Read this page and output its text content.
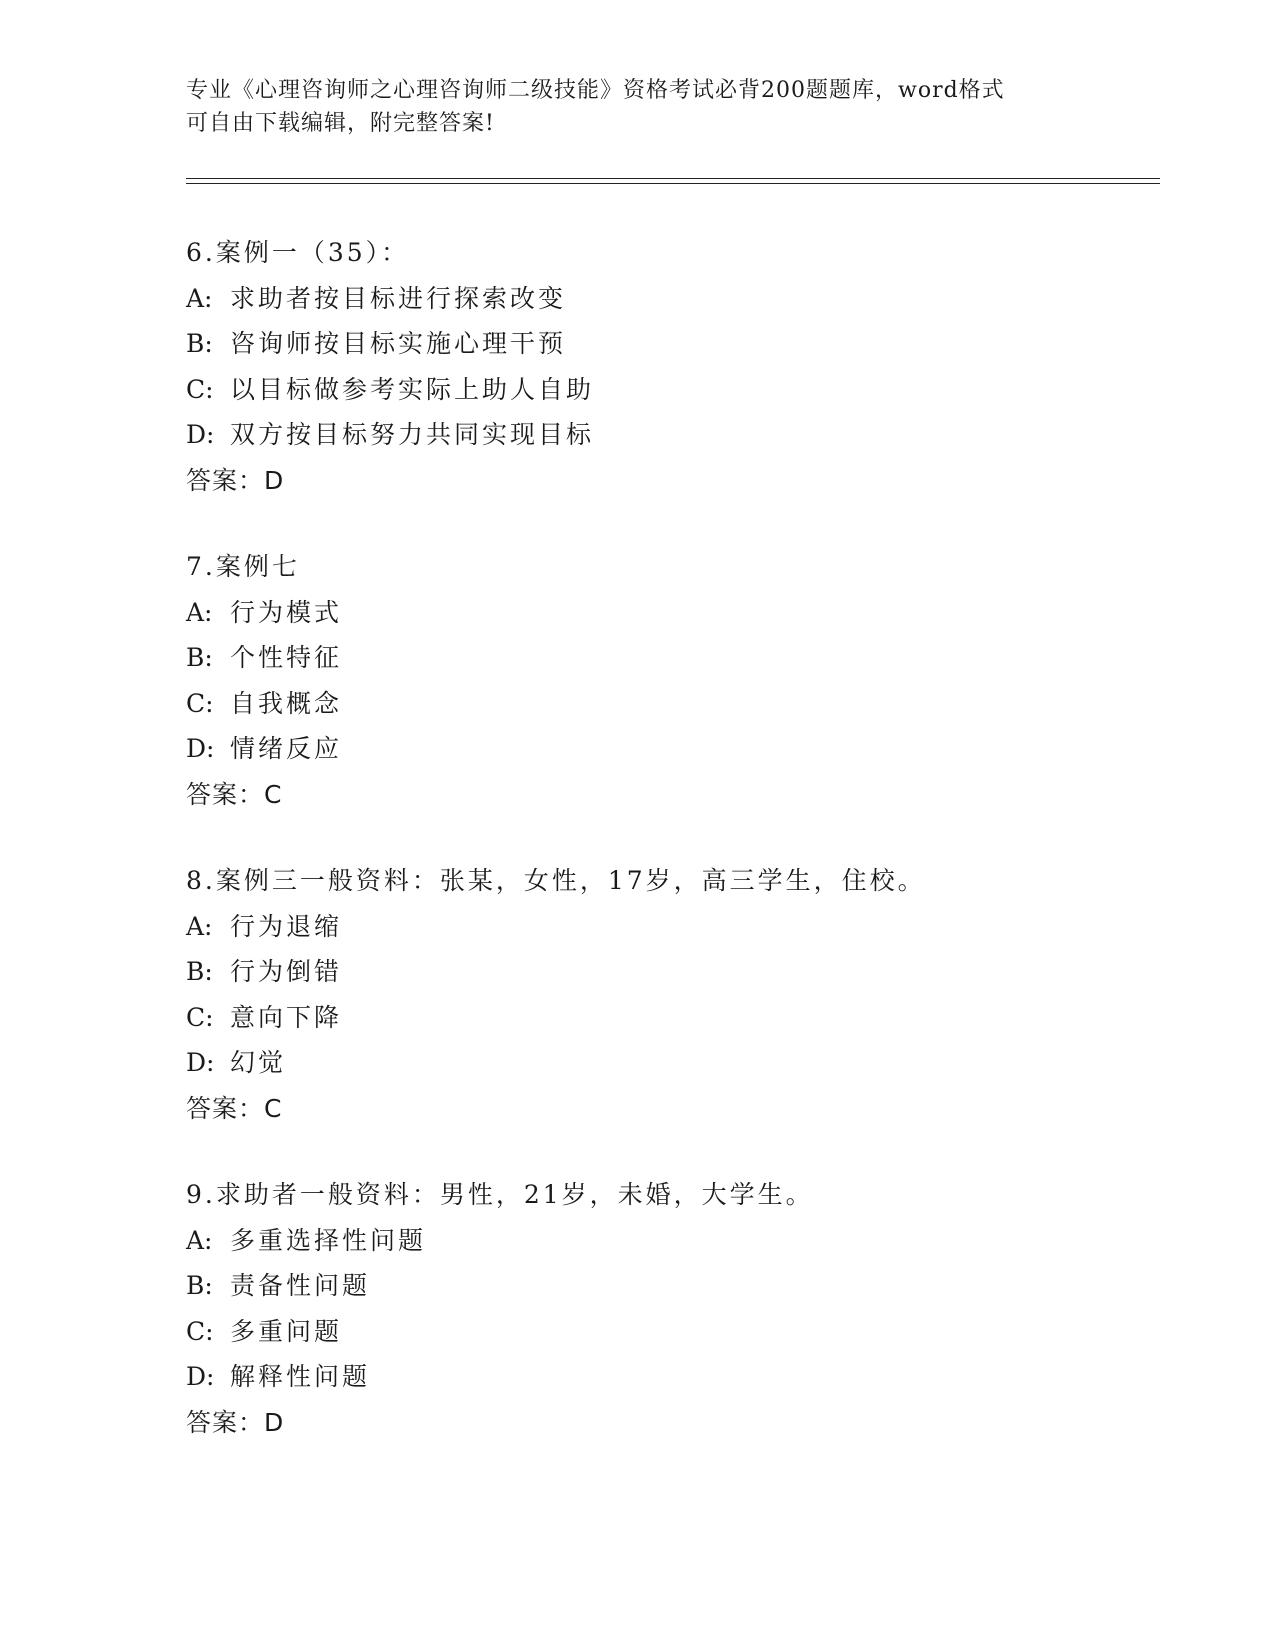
专业《心理咨询师之心理咨询师二级技能》资格考试必背200题题库，word格式
可自由下载编辑，附完整答案!
6.案例一（35）：
A: 求助者按目标进行探索改变
B: 咨询师按目标实施心理干预
C: 以目标做参考实际上助人自助
D: 双方按目标努力共同实现目标
答案：D
7.案例七
A: 行为模式
B: 个性特征
C: 自我概念
D: 情绪反应
答案：C
8.案例三一般资料：张某，女性，17岁，高三学生，住校。
A: 行为退缩
B: 行为倒错
C: 意向下降
D: 幻觉
答案：C
9.求助者一般资料：男性，21岁，未婚，大学生。
A: 多重选择性问题
B: 责备性问题
C: 多重问题
D: 解释性问题
答案：D
